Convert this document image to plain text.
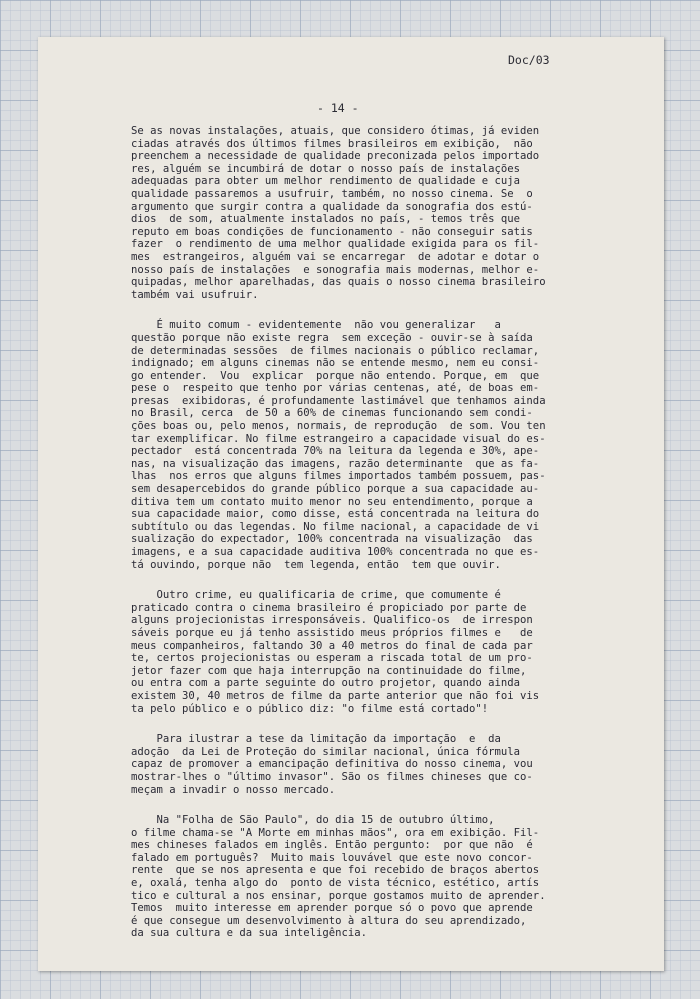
Doc/03
- 14 -
Se as novas instalações, atuais, que considero ótimas, já eviden
ciadas através dos últimos filmes brasileiros em exibição,  não
preenchem a necessidade de qualidade preconizada pelos importado
res, alguém se incumbirá de dotar o nosso país de instalações
adequadas para obter um melhor rendimento de qualidade e cuja
qualidade passaremos a usufruir, também, no nosso cinema. Se  o
argumento que surgir contra a qualidade da sonografia dos estú-
dios  de som, atualmente instalados no país, - temos três que
reputo em boas condições de funcionamento - não conseguir satis
fazer  o rendimento de uma melhor qualidade exigida para os fil-
mes  estrangeiros, alguém vai se encarregar  de adotar e dotar o
nosso país de instalações  e sonografia mais modernas, melhor e-
quipadas, melhor aparelhadas, das quais o nosso cinema brasileiro
também vai usufruir.
É muito comum - evidentemente  não vou generalizar   a
questão porque não existe regra  sem exceção - ouvir-se à saída
de determinadas sessões  de filmes nacionais o público reclamar,
indignado; em alguns cinemas não se entende mesmo, nem eu consi-
go entender.  Vou  explicar  porque não entendo. Porque, em  que
pese o  respeito que tenho por várias centenas, até, de boas em-
presas  exibidoras, é profundamente lastimável que tenhamos ainda
no Brasil, cerca  de 50 a 60% de cinemas funcionando sem condi-
ções boas ou, pelo menos, normais, de reprodução  de som. Vou ten
tar exemplificar. No filme estrangeiro a capacidade visual do es-
pectador  está concentrada 70% na leitura da legenda e 30%, ape-
nas, na visualização das imagens, razão determinante  que as fa-
lhas  nos erros que alguns filmes importados também possuem, pas-
sem desapercebidos do grande público porque a sua capacidade au-
ditiva tem um contato muito menor no seu entendimento, porque a
sua capacidade maior, como disse, está concentrada na leitura do
subtítulo ou das legendas. No filme nacional, a capacidade de vi
sualização do expectador, 100% concentrada na visualização  das
imagens, e a sua capacidade auditiva 100% concentrada no que es-
tá ouvindo, porque não  tem legenda, então  tem que ouvir.
Outro crime, eu qualificaria de crime, que comumente é
praticado contra o cinema brasileiro é propiciado por parte de
alguns projecionistas irresponsáveis. Qualifico-os  de irrespon
sáveis porque eu já tenho assistido meus próprios filmes e   de
meus companheiros, faltando 30 a 40 metros do final de cada par
te, certos projecionistas ou esperam a riscada total de um pro-
jetor fazer com que haja interrupção na continuidade do filme,
ou entra com a parte seguinte do outro projetor, quando ainda
existem 30, 40 metros de filme da parte anterior que não foi vis
ta pelo público e o público diz: "o filme está cortado"!
Para ilustrar a tese da limitação da importação  e  da
adoção  da Lei de Proteção do similar nacional, única fórmula
capaz de promover a emancipação definitiva do nosso cinema, vou
mostrar-lhes o "último invasor". São os filmes chineses que co-
meçam a invadir o nosso mercado.
Na "Folha de São Paulo", do dia 15 de outubro último,
o filme chama-se "A Morte em minhas mãos", ora em exibição. Fil-
mes chineses falados em inglês. Então pergunto:  por que não  é
falado em português?  Muito mais louvável que este novo concor-
rente  que se nos apresenta e que foi recebido de braços abertos
e, oxalá, tenha algo do  ponto de vista técnico, estético, artís
tico e cultural a nos ensinar, porque gostamos muito de aprender.
Temos  muito interesse em aprender porque só o povo que aprende
é que consegue um desenvolvimento à altura do seu aprendizado,
da sua cultura e da sua inteligência.
